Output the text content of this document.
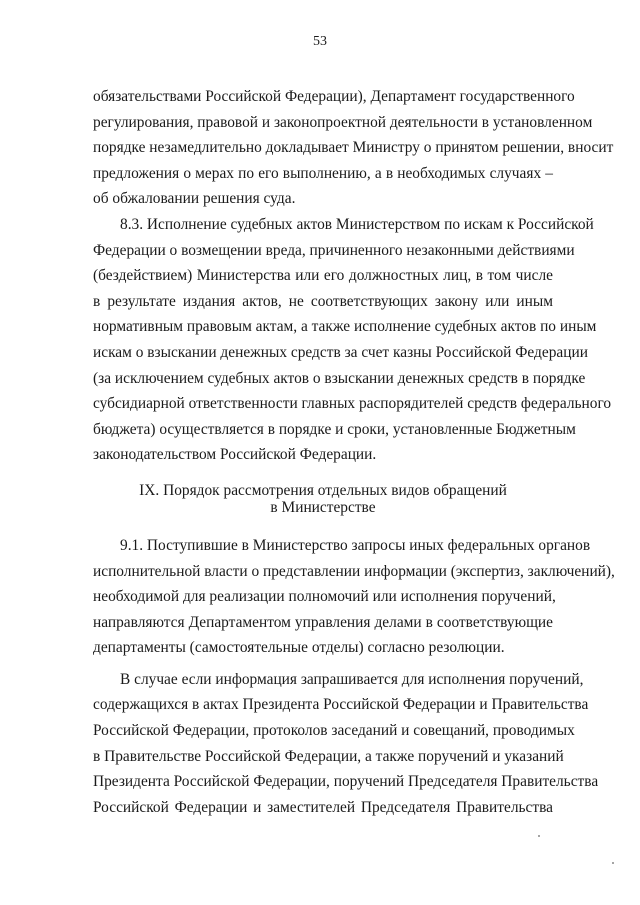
53
обязательствами Российской Федерации), Департамент государственного
регулирования, правовой и законопроектной деятельности в установленном
порядке незамедлительно докладывает Министру о принятом решении, вносит
предложения о мерах по его выполнению, а в необходимых случаях –
об обжаловании решения суда.
8.3. Исполнение судебных актов Министерством по искам к Российской
Федерации о возмещении вреда, причиненного незаконными действиями
(бездействием) Министерства или его должностных лиц, в том числе
в результате издания актов, не соответствующих закону или иным
нормативным правовым актам, а также исполнение судебных актов по иным
искам о взыскании денежных средств за счет казны Российской Федерации
(за исключением судебных актов о взыскании денежных средств в порядке
субсидиарной ответственности главных распорядителей средств федерального
бюджета) осуществляется в порядке и сроки, установленные Бюджетным
законодательством Российской Федерации.
IX. Порядок рассмотрения отдельных видов обращений
в Министерстве
9.1. Поступившие в Министерство запросы иных федеральных органов
исполнительной власти о представлении информации (экспертиз, заключений),
необходимой для реализации полномочий или исполнения поручений,
направляются Департаментом управления делами в соответствующие
департаменты (самостоятельные отделы) согласно резолюции.
В случае если информация запрашивается для исполнения поручений,
содержащихся в актах Президента Российской Федерации и Правительства
Российской Федерации, протоколов заседаний и совещаний, проводимых
в Правительстве Российской Федерации, а также поручений и указаний
Президента Российской Федерации, поручений Председателя Правительства
Российской Федерации и заместителей Председателя Правительства
